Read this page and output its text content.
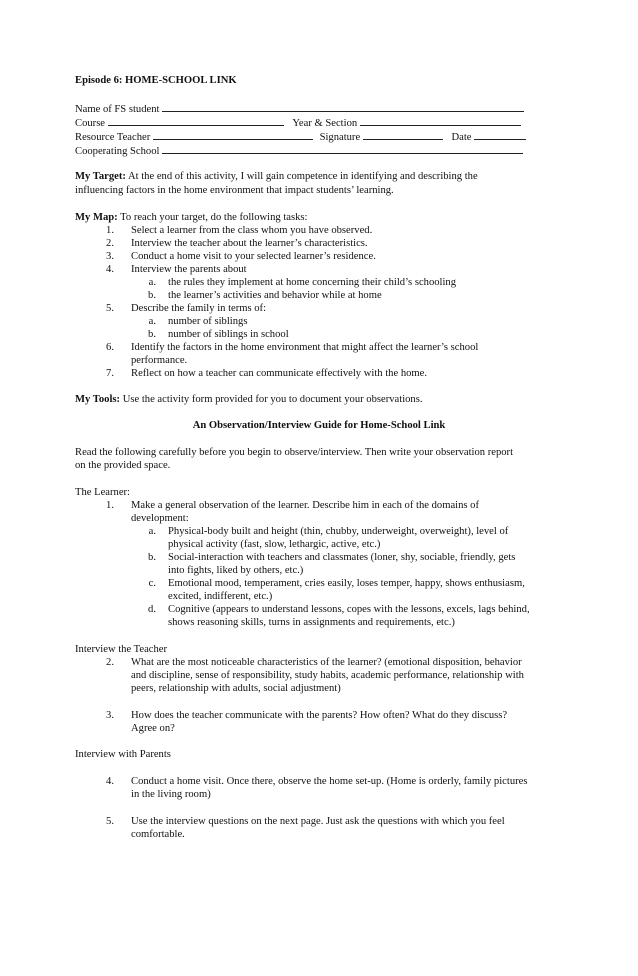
Episode 6: HOME-SCHOOL LINK
Name of FS student
Course	Year & Section
Resource Teacher	Signature	Date
Cooperating School
My Target: At the end of this activity, I will gain competence in identifying and describing the
influencing factors in the home environment that impact students’ learning.
My Map: To reach your target, do the following tasks:
1. Select a learner from the class whom you have observed.
2. Interview the teacher about the learner’s characteristics.
3. Conduct a home visit to your selected learner’s residence.
4. Interview the parents about
a. the rules they implement at home concerning their child’s schooling
b. the learner’s activities and behavior while at home
5. Describe the family in terms of:
a. number of siblings
b. number of siblings in school
6. Identify the factors in the home environment that might affect the learner’s school
performance.
7. Reflect on how a teacher can communicate effectively with the home.
My Tools: Use the activity form provided for you to document your observations.
An Observation/Interview Guide for Home-School Link
Read the following carefully before you begin to observe/interview. Then write your observation report
on the provided space.
The Learner:
1. Make a general observation of the learner. Describe him in each of the domains of
development:
a. Physical-body built and height (thin, chubby, underweight, overweight), level of
physical activity (fast, slow, lethargic, active, etc.)
b. Social-interaction with teachers and classmates (loner, shy, sociable, friendly, gets
into fights, liked by others, etc.)
c. Emotional mood, temperament, cries easily, loses temper, happy, shows enthusiasm,
excited, indifferent, etc.)
d. Cognitive (appears to understand lessons, copes with the lessons, excels, lags behind,
shows reasoning skills, turns in assignments and requirements, etc.)
Interview the Teacher
2. What are the most noticeable characteristics of the learner? (emotional disposition, behavior
and discipline, sense of responsibility, study habits, academic performance, relationship with
peers, relationship with adults, social adjustment)
3. How does the teacher communicate with the parents? How often? What do they discuss?
Agree on?
Interview with Parents
4. Conduct a home visit. Once there, observe the home set-up. (Home is orderly, family pictures
in the living room)
5. Use the interview questions on the next page. Just ask the questions with which you feel
comfortable.
